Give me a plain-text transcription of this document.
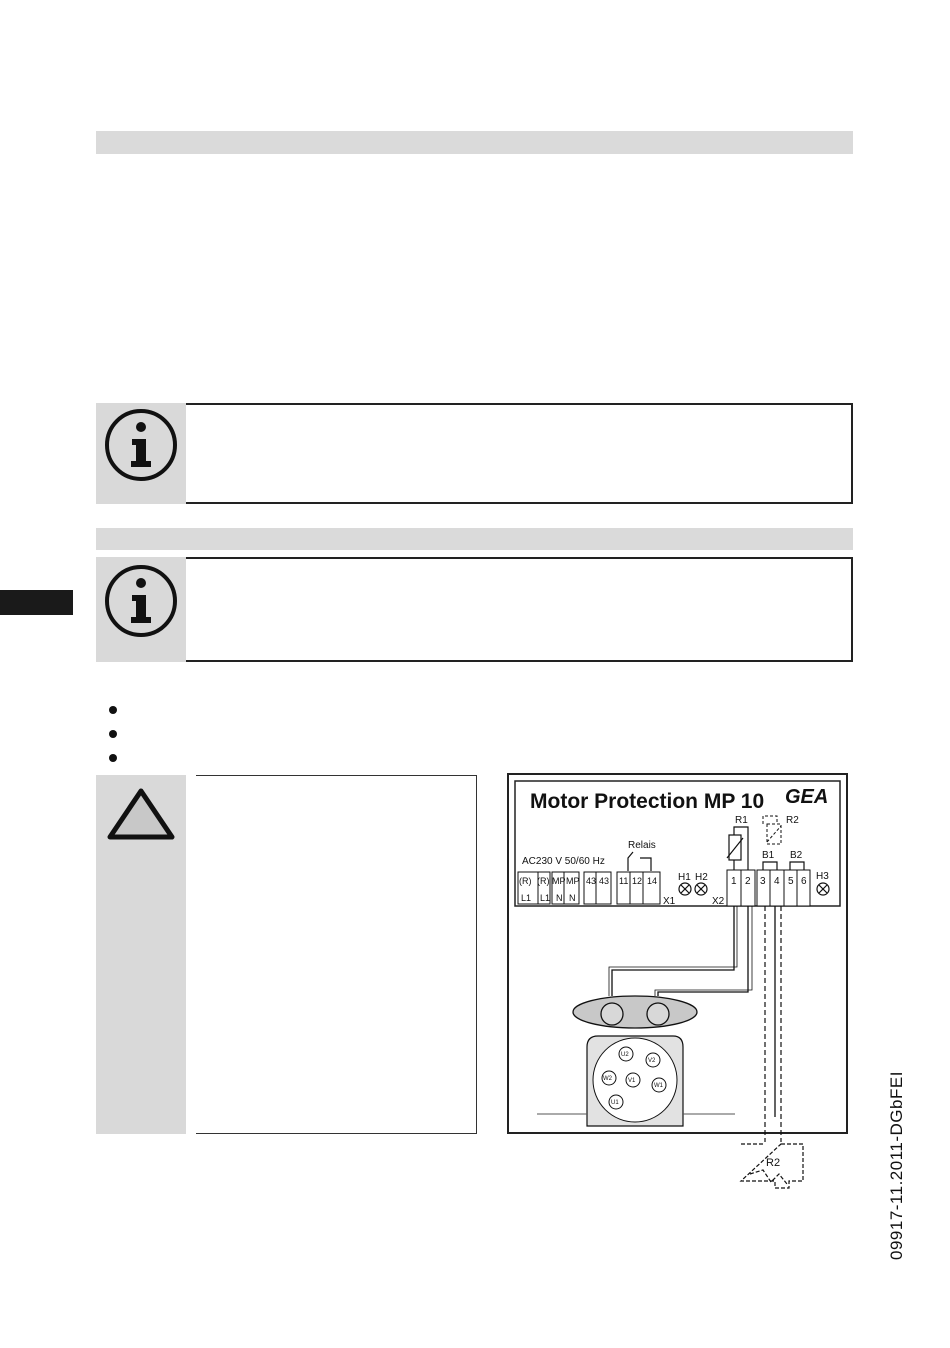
Motor Protection MP 10 GEA
AC230 V 50/60 Hz
Relais
(R) (R) MP MP 43 43 11 12 14
L1 L1 N N	X1
H1 H2
X2
1 2 3 4 5 6
R1	R2
B1 B2
H3
U2
V2
W2	V1
W1
U1
R2	09917-11.2011-DGbFEI
